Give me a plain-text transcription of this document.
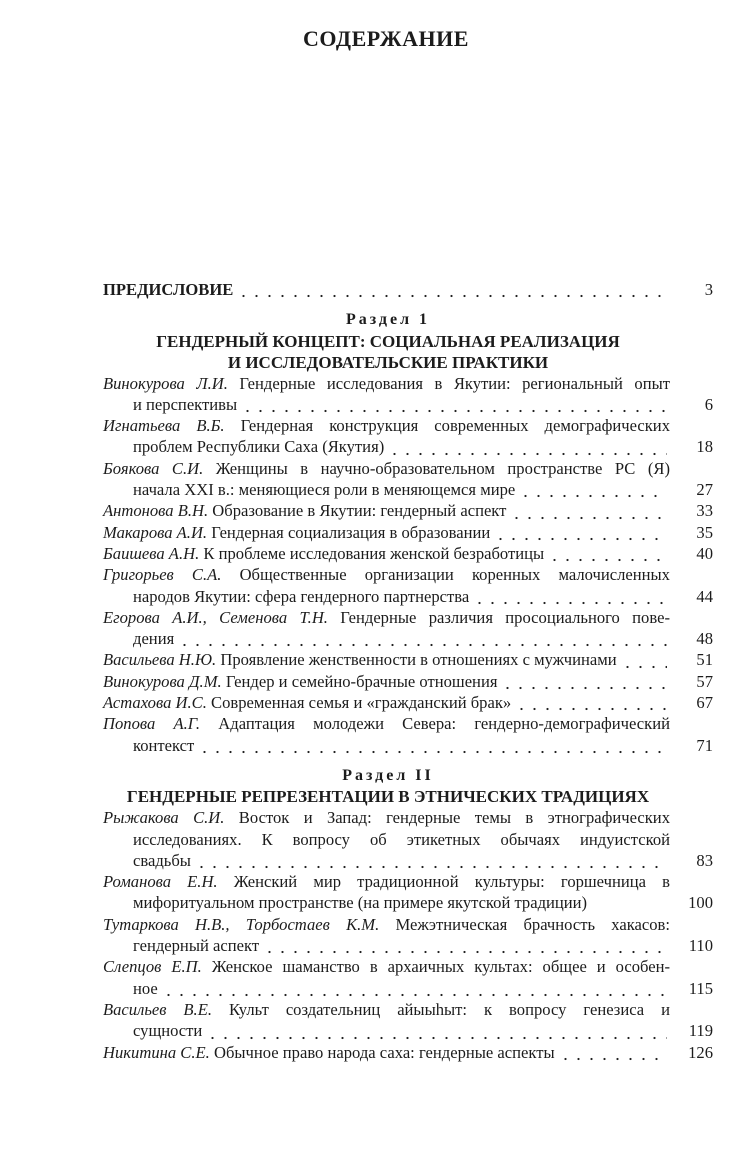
СОДЕРЖАНИЕ
ПРЕДИСЛОВИЕ	3
Раздел 1
ГЕНДЕРНЫЙ КОНЦЕПТ: СОЦИАЛЬНАЯ РЕАЛИЗАЦИЯ
И ИССЛЕДОВАТЕЛЬСКИЕ ПРАКТИКИ
Винокурова Л.И. Гендерные исследования в Якутии: региональный опыт
и перспективы	6
Игнатьева В.Б. Гендерная конструкция современных демографических
проблем Республики Саха (Якутия)	18
Боякова С.И. Женщины в научно-образовательном пространстве РС (Я)
начала XXI в.: меняющиеся роли в меняющемся мире	27
Антонова В.Н. Образование в Якутии: гендерный аспект	33
Макарова А.И. Гендерная социализация в образовании	35
Баишева А.Н. К проблеме исследования женской безработицы	40
Григорьев С.А. Общественные организации коренных малочисленных
народов Якутии: сфера гендерного партнерства	44
Егорова А.И., Семенова Т.Н. Гендерные различия просоциального пове-
дения	48
Васильева Н.Ю. Проявление женственности в отношениях с мужчинами	51
Винокурова Д.М. Гендер и семейно-брачные отношения	57
Астахова И.С. Современная семья и «гражданский брак»	67
Попова А.Г. Адаптация молодежи Севера: гендерно-демографический
контекст	71
Раздел II
ГЕНДЕРНЫЕ РЕПРЕЗЕНТАЦИИ В ЭТНИЧЕСКИХ ТРАДИЦИЯХ
Рыжакова С.И. Восток и Запад: гендерные темы в этнографических
исследованиях. К вопросу об этикетных обычаях индуистской
свадьбы	83
Романова Е.Н. Женский мир традиционной культуры: горшечница в
мифоритуальном пространстве (на примере якутской традиции)	100
Тутаркова Н.В., Торбостаев К.М. Межэтническая брачность хакасов:
гендерный аспект	110
Слепцов Е.П. Женское шаманство в архаичных культах: общее и особен-
ное	115
Васильев В.Е. Культ создательниц айыыhыт: к вопросу генезиса и
сущности	119
Никитина С.Е. Обычное право народа саха: гендерные аспекты	126
